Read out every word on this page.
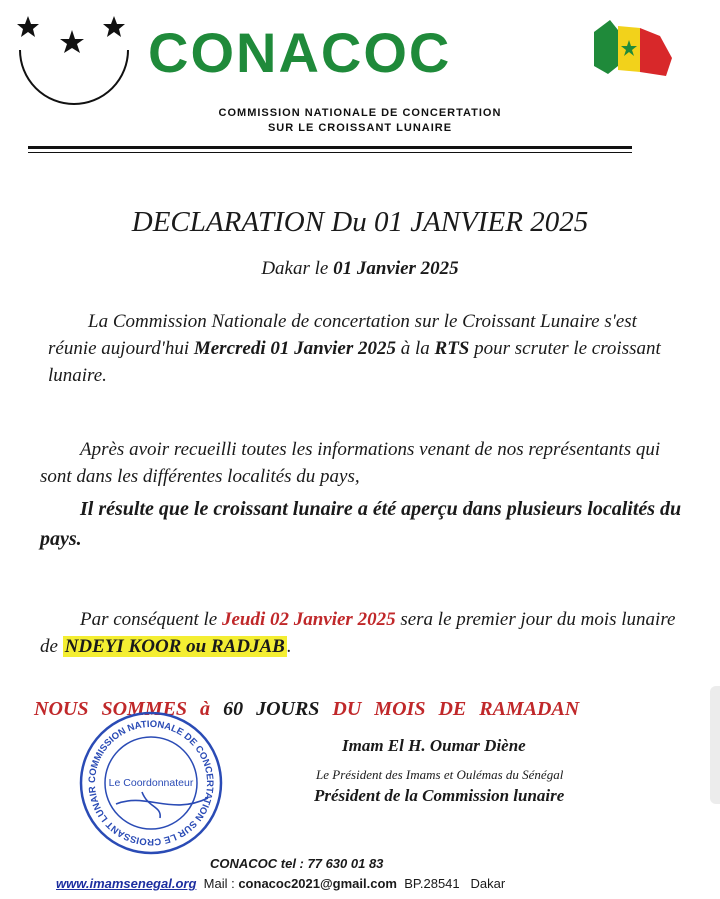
CONACOC
COMMISSION NATIONALE DE CONCERTATION
SUR LE CROISSANT LUNAIRE
DECLARATION Du 01 JANVIER 2025
Dakar le 01 Janvier 2025
La Commission Nationale de concertation sur le Croissant Lunaire s'est réunie aujourd'hui Mercredi 01 Janvier 2025 à la RTS pour scruter le croissant lunaire.
Après avoir recueilli toutes les informations venant de nos représentants qui sont dans les différentes localités du pays,
Il résulte que le croissant lunaire a été aperçu dans plusieurs localités du pays.
Par conséquent le Jeudi 02 Janvier 2025 sera le premier jour du mois lunaire de NDEYI KOOR ou RADJAB .
NOUS SOMMES à 60 JOURS DU MOIS DE RAMADAN
COMMISSION NATIONALE DE CONCERTATION SUR LE CROISSANT LUNAIR
Le Coordonnateur
Imam El H. Oumar Diène
Le Président des Imams et Oulémas du Sénégal
Président de la Commission lunaire
CONACOC tel : 77 630 01 83
www.imamsenegal.org Mail : conacoc2021@gmail.com BP.28541 Dakar
